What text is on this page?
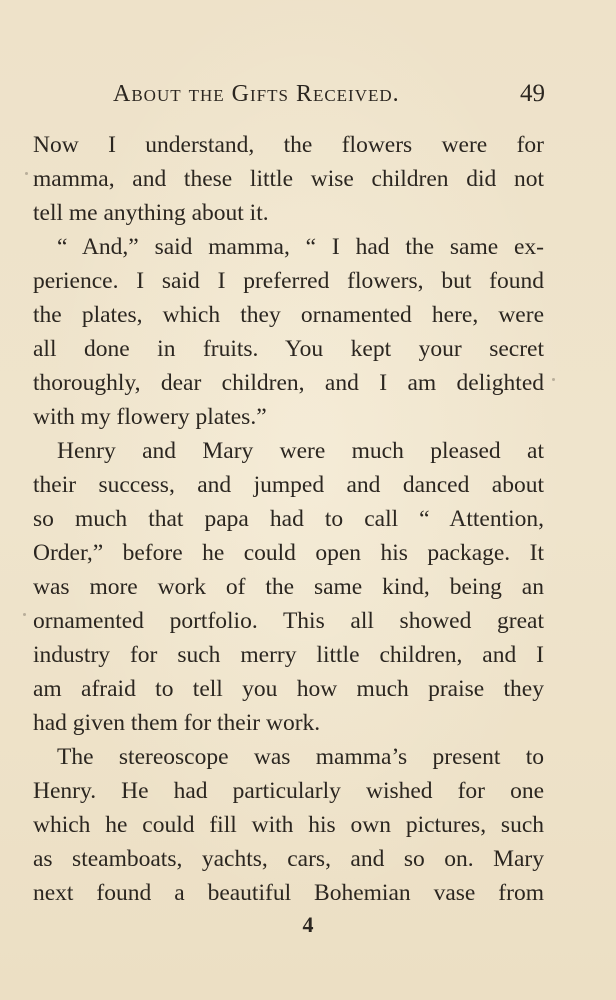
About the Gifts Received.	49
Now I understand, the flowers were for
mamma, and these little wise children did not
tell me anything about it.
“ And,” said mamma, “ I had the same ex-
perience. I said I preferred flowers, but found
the plates, which they ornamented here, were
all done in fruits. You kept your secret
thoroughly, dear children, and I am delighted
with my flowery plates.”
Henry and Mary were much pleased at
their success, and jumped and danced about
so much that papa had to call “ Attention,
Order,” before he could open his package. It
was more work of the same kind, being an
ornamented portfolio. This all showed great
industry for such merry little children, and I
am afraid to tell you how much praise they
had given them for their work.
The stereoscope was mamma’s present to
Henry. He had particularly wished for one
which he could fill with his own pictures, such
as steamboats, yachts, cars, and so on. Mary
next found a beautiful Bohemian vase from
4
